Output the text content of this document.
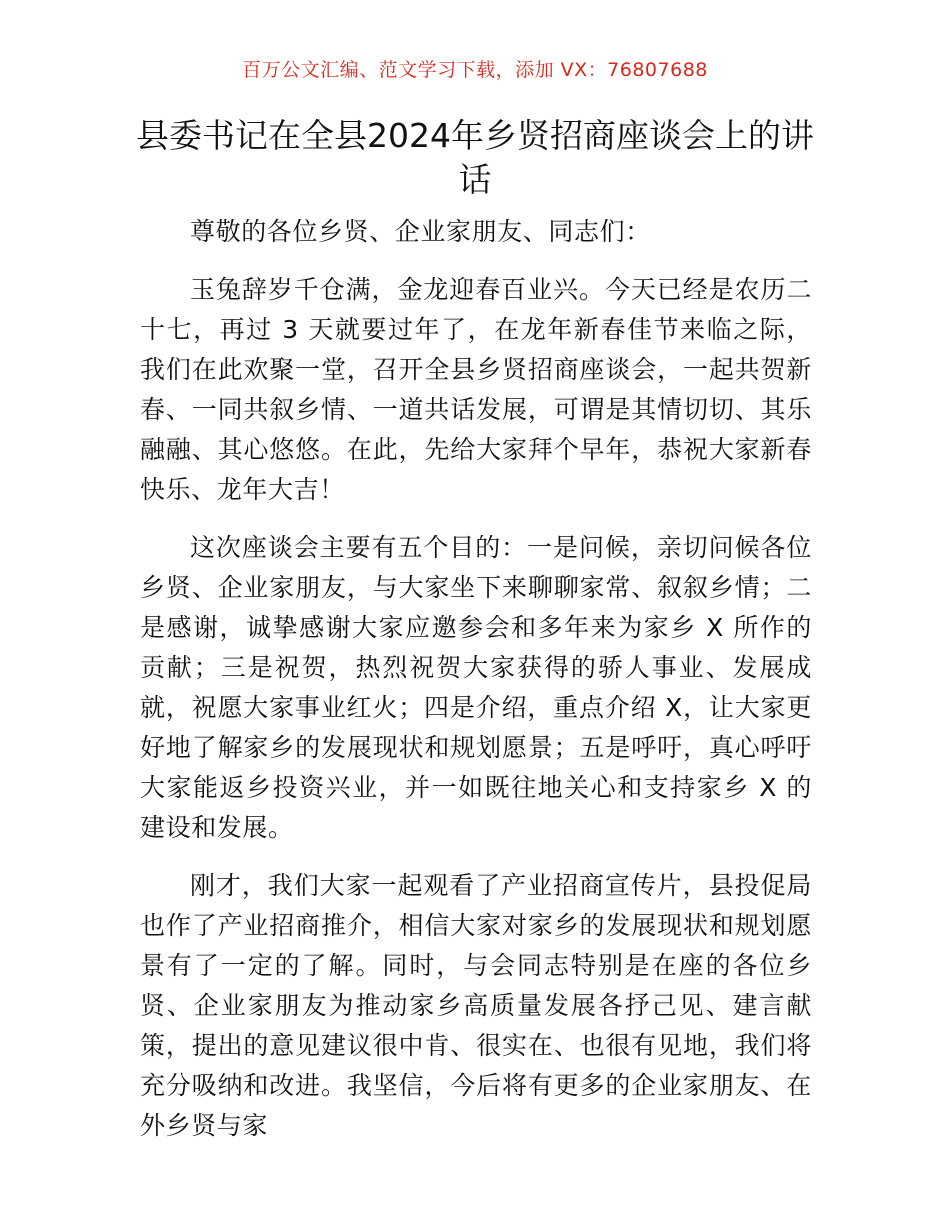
百万公文汇编、范文学习下载，添加 VX：76807688
县委书记在全县2024年乡贤招商座谈会上的讲话

尊敬的各位乡贤、企业家朋友、同志们：

玉兔辞岁千仓满，金龙迎春百业兴。今天已经是农历二十七，再过 3 天就要过年了，在龙年新春佳节来临之际，我们在此欢聚一堂，召开全县乡贤招商座谈会，一起共贺新春、一同共叙乡情、一道共话发展，可谓是其情切切、其乐融融、其心悠悠。在此，先给大家拜个早年，恭祝大家新春快乐、龙年大吉！

这次座谈会主要有五个目的：一是问候，亲切问候各位乡贤、企业家朋友，与大家坐下来聊聊家常、叙叙乡情；二是感谢，诚挚感谢大家应邀参会和多年来为家乡 X 所作的贡献；三是祝贺，热烈祝贺大家获得的骄人事业、发展成就，祝愿大家事业红火；四是介绍，重点介绍 X，让大家更好地了解家乡的发展现状和规划愿景；五是呼吁，真心呼吁大家能返乡投资兴业，并一如既往地关心和支持家乡 X 的建设和发展。

刚才，我们大家一起观看了产业招商宣传片，县投促局也作了产业招商推介，相信大家对家乡的发展现状和规划愿景有了一定的了解。同时，与会同志特别是在座的各位乡贤、企业家朋友为推动家乡高质量发展各抒己见、建言献策，提出的意见建议很中肯、很实在、也很有见地，我们将充分吸纳和改进。我坚信，今后将有更多的企业家朋友、在外乡贤与家
